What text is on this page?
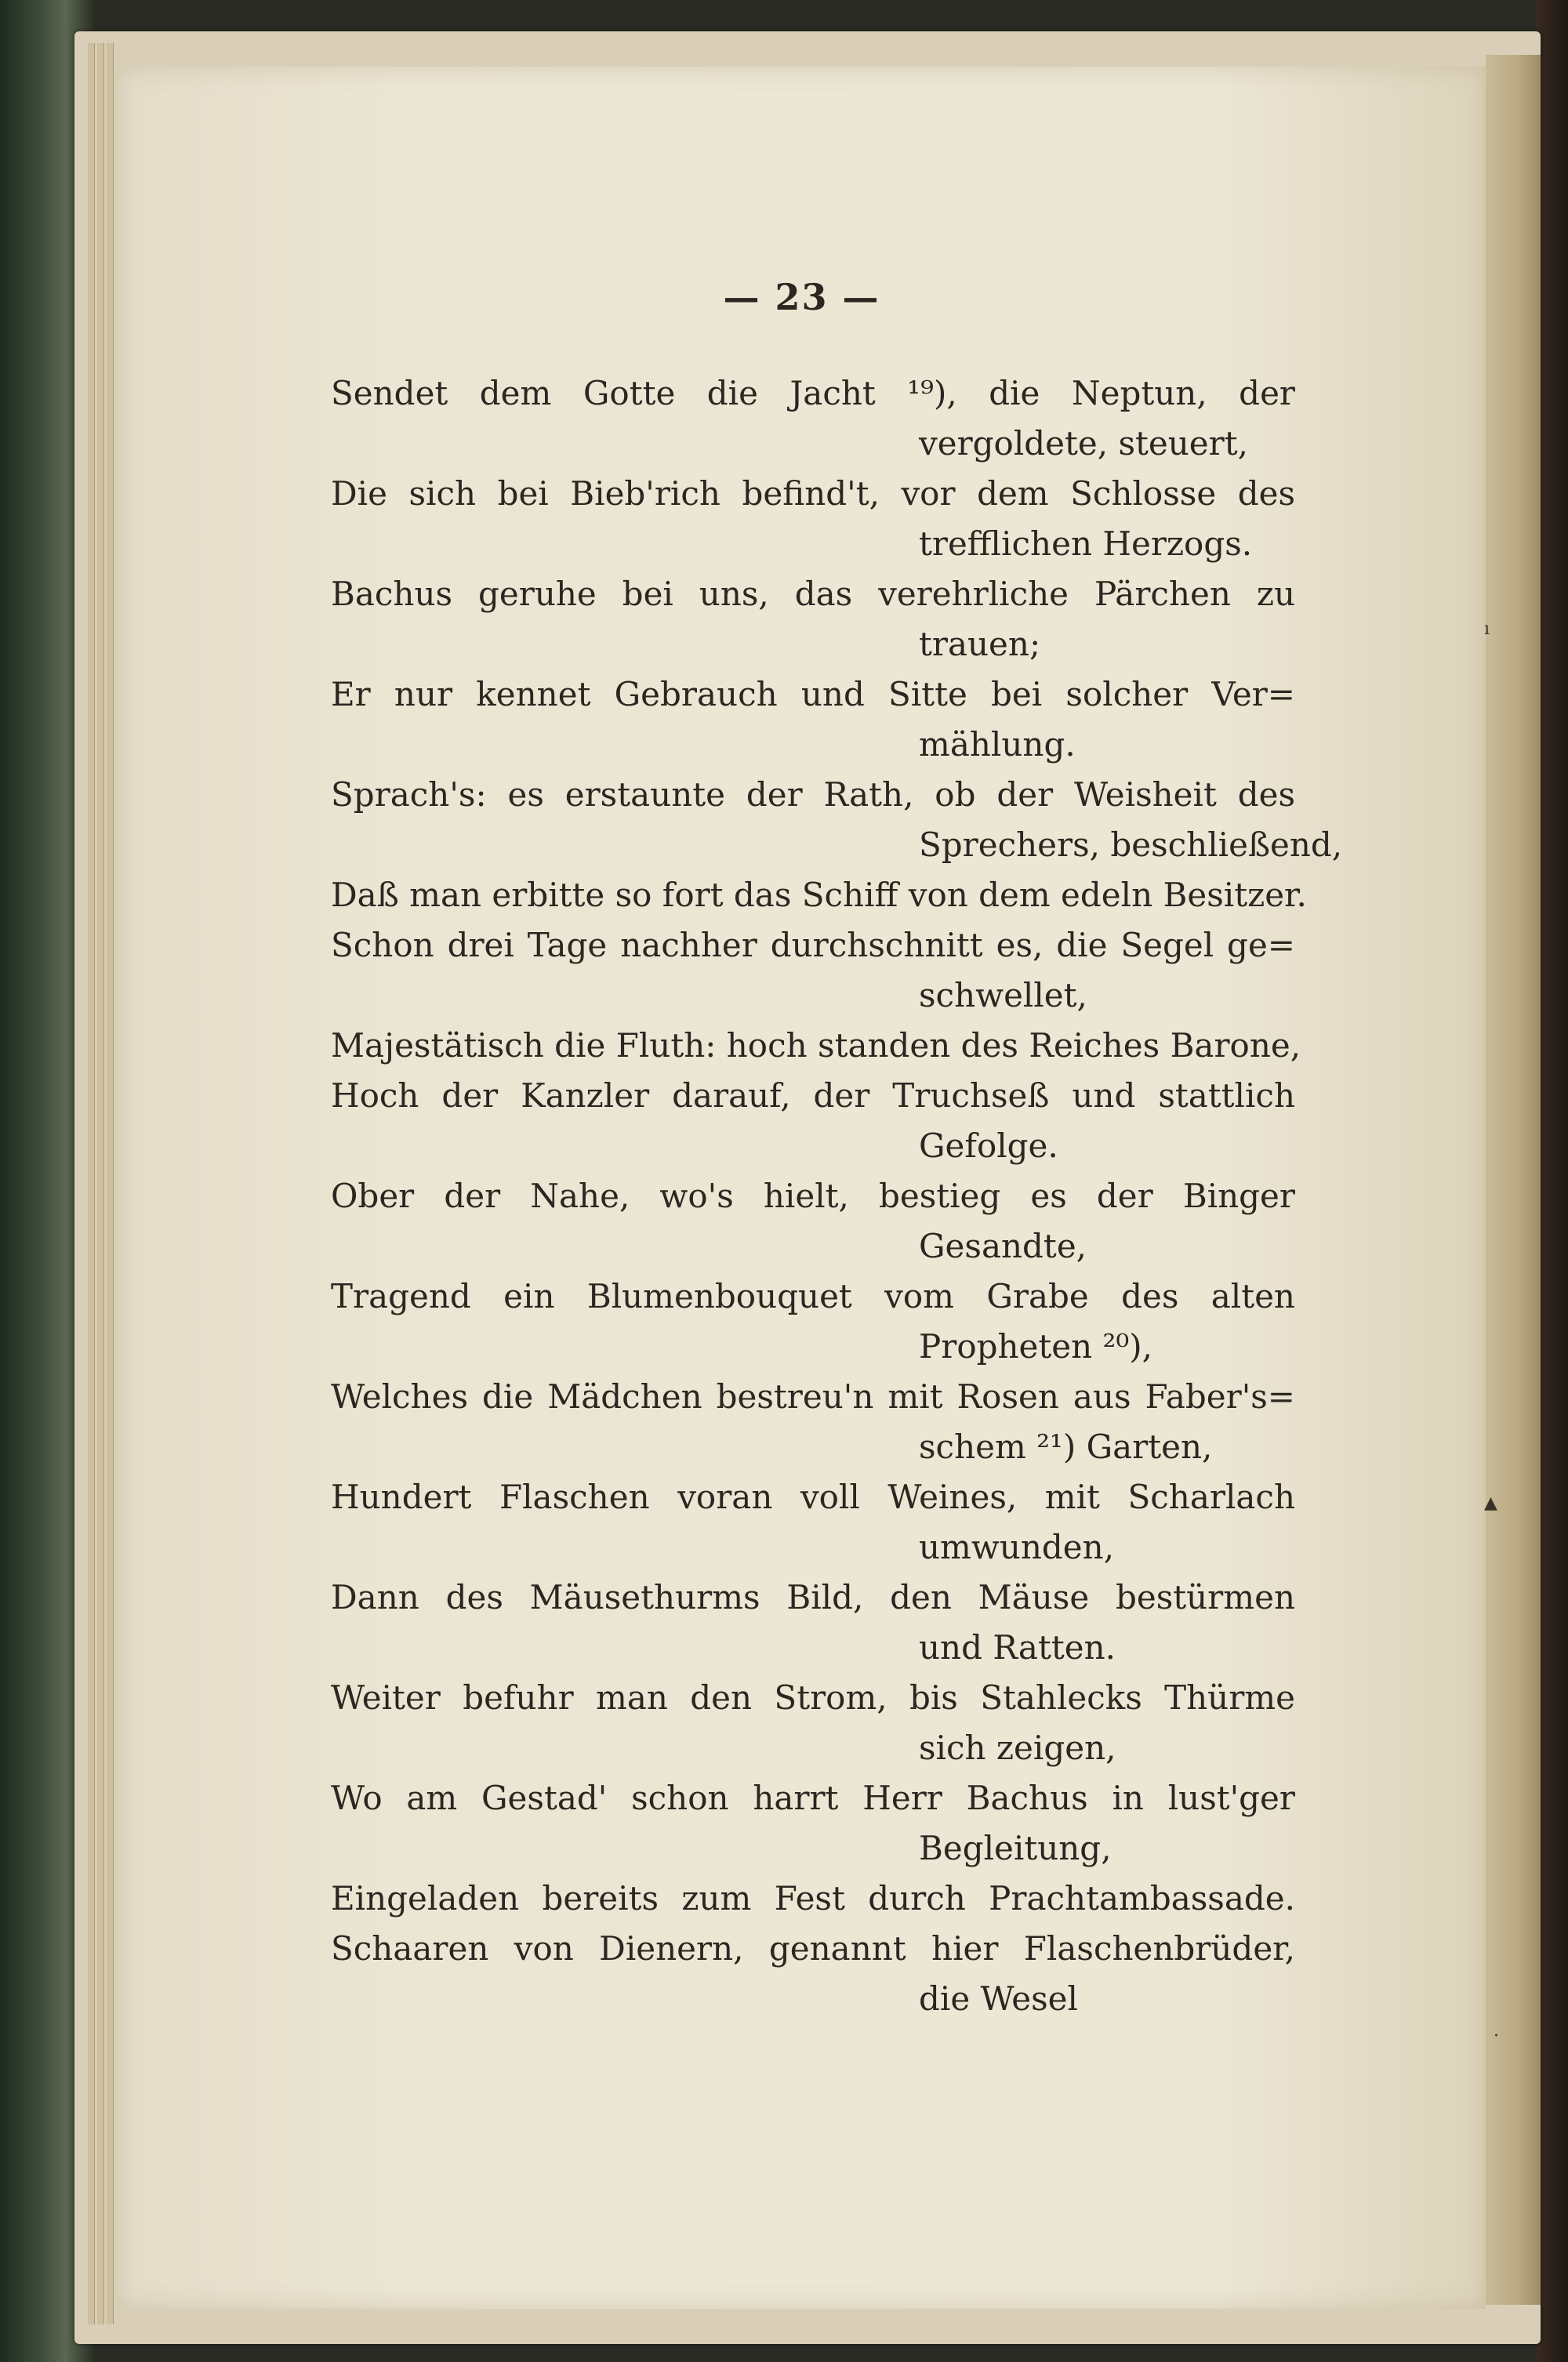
— 23 —
Sendet dem Gotte die Jacht ¹⁹), die Neptun, der
vergoldete, steuert,
Die sich bei Bieb'rich befind't, vor dem Schlosse des
trefflichen Herzogs.
Bachus geruhe bei uns, das verehrliche Pärchen zu
trauen;
Er nur kennet Gebrauch und Sitte bei solcher Ver=
mählung.
Sprach's: es erstaunte der Rath, ob der Weisheit des
Sprechers, beschließend,
Daß man erbitte so fort das Schiff von dem edeln Besitzer.
Schon drei Tage nachher durchschnitt es, die Segel ge=
schwellet,
Majestätisch die Fluth: hoch standen des Reiches Barone,
Hoch der Kanzler darauf, der Truchseß und stattlich
Gefolge.
Ober der Nahe, wo's hielt, bestieg es der Binger
Gesandte,
Tragend ein Blumenbouquet vom Grabe des alten
Propheten ²⁰),
Welches die Mädchen bestreu'n mit Rosen aus Faber's=
schem ²¹) Garten,
Hundert Flaschen voran voll Weines, mit Scharlach
umwunden,
Dann des Mäusethurms Bild, den Mäuse bestürmen
und Ratten.
Weiter befuhr man den Strom, bis Stahlecks Thürme
sich zeigen,
Wo am Gestad' schon harrt Herr Bachus in lust'ger
Begleitung,
Eingeladen bereits zum Fest durch Prachtambassade.
Schaaren von Dienern, genannt hier Flaschenbrüder,
die Wesel
ı
▲
·
